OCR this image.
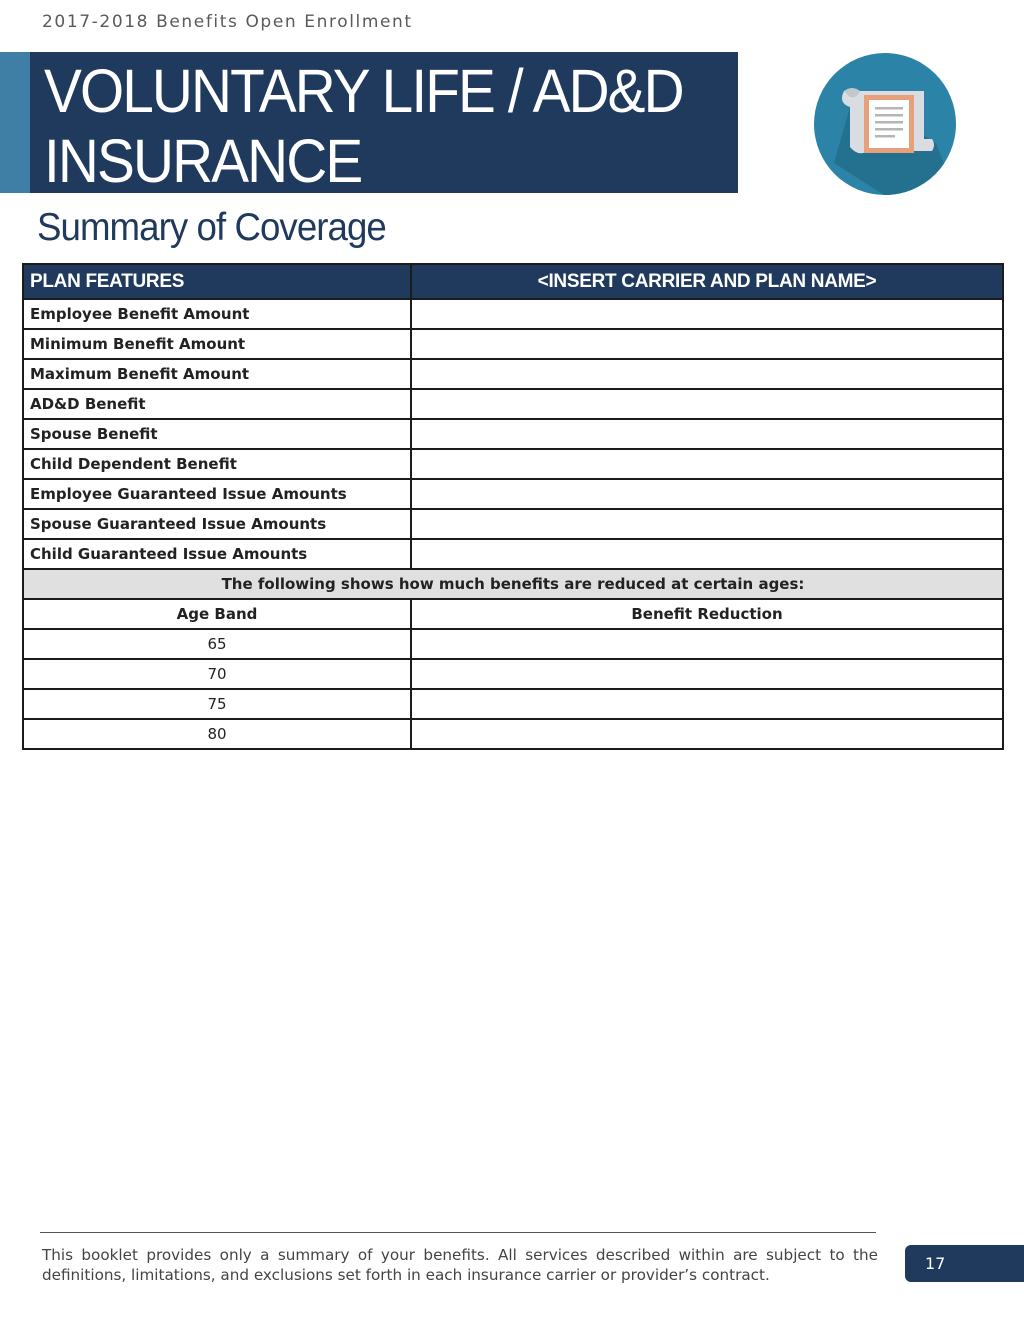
2017-2018 Benefits Open Enrollment
VOLUNTARY LIFE / AD&D
INSURANCE
Summary of Coverage
PLAN FEATURES	<INSERT CARRIER AND PLAN NAME>
Employee Benefit Amount	
Minimum Benefit Amount	
Maximum Benefit Amount	
AD&D Benefit	
Spouse Benefit	
Child Dependent Benefit	
Employee Guaranteed Issue Amounts	
Spouse Guaranteed Issue Amounts	
Child Guaranteed Issue Amounts	
The following shows how much benefits are reduced at certain ages:	
Age Band	Benefit Reduction
65	
70	
75	
80	
This booklet provides only a summary of your benefits. All services described within are subject to the definitions, limitations, and exclusions set forth in each insurance carrier or provider’s contract.
17
